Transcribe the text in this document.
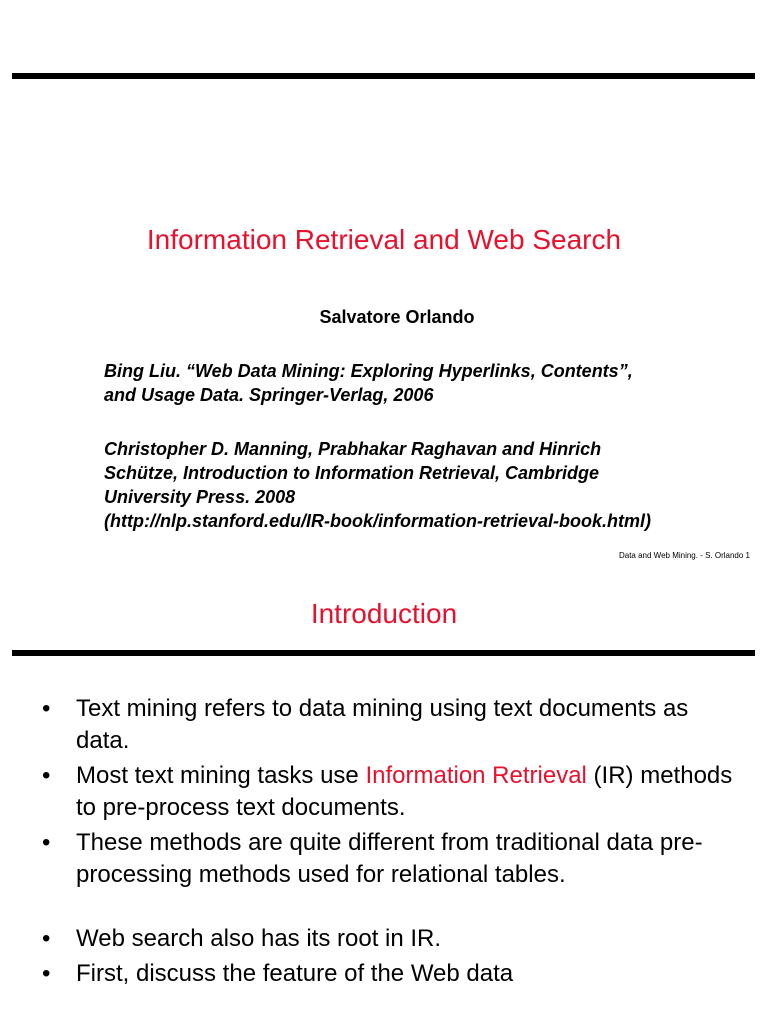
Information Retrieval and Web Search
Salvatore Orlando
Bing Liu. “Web Data Mining: Exploring Hyperlinks, Contents”,
and Usage Data. Springer-Verlag, 2006
Christopher D. Manning, Prabhakar Raghavan and Hinrich
Schütze, Introduction to Information Retrieval, Cambridge
University Press. 2008
(http://nlp.stanford.edu/IR-book/information-retrieval-book.html)
Data and Web Mining. - S. Orlando 1
Introduction
• Text mining refers to data mining using text documents as data.
• Most text mining tasks use Information Retrieval (IR) methods to pre-process text documents.
• These methods are quite different from traditional data pre-processing methods used for relational tables.
• Web search also has its root in IR.
• First, discuss the feature of the Web data
